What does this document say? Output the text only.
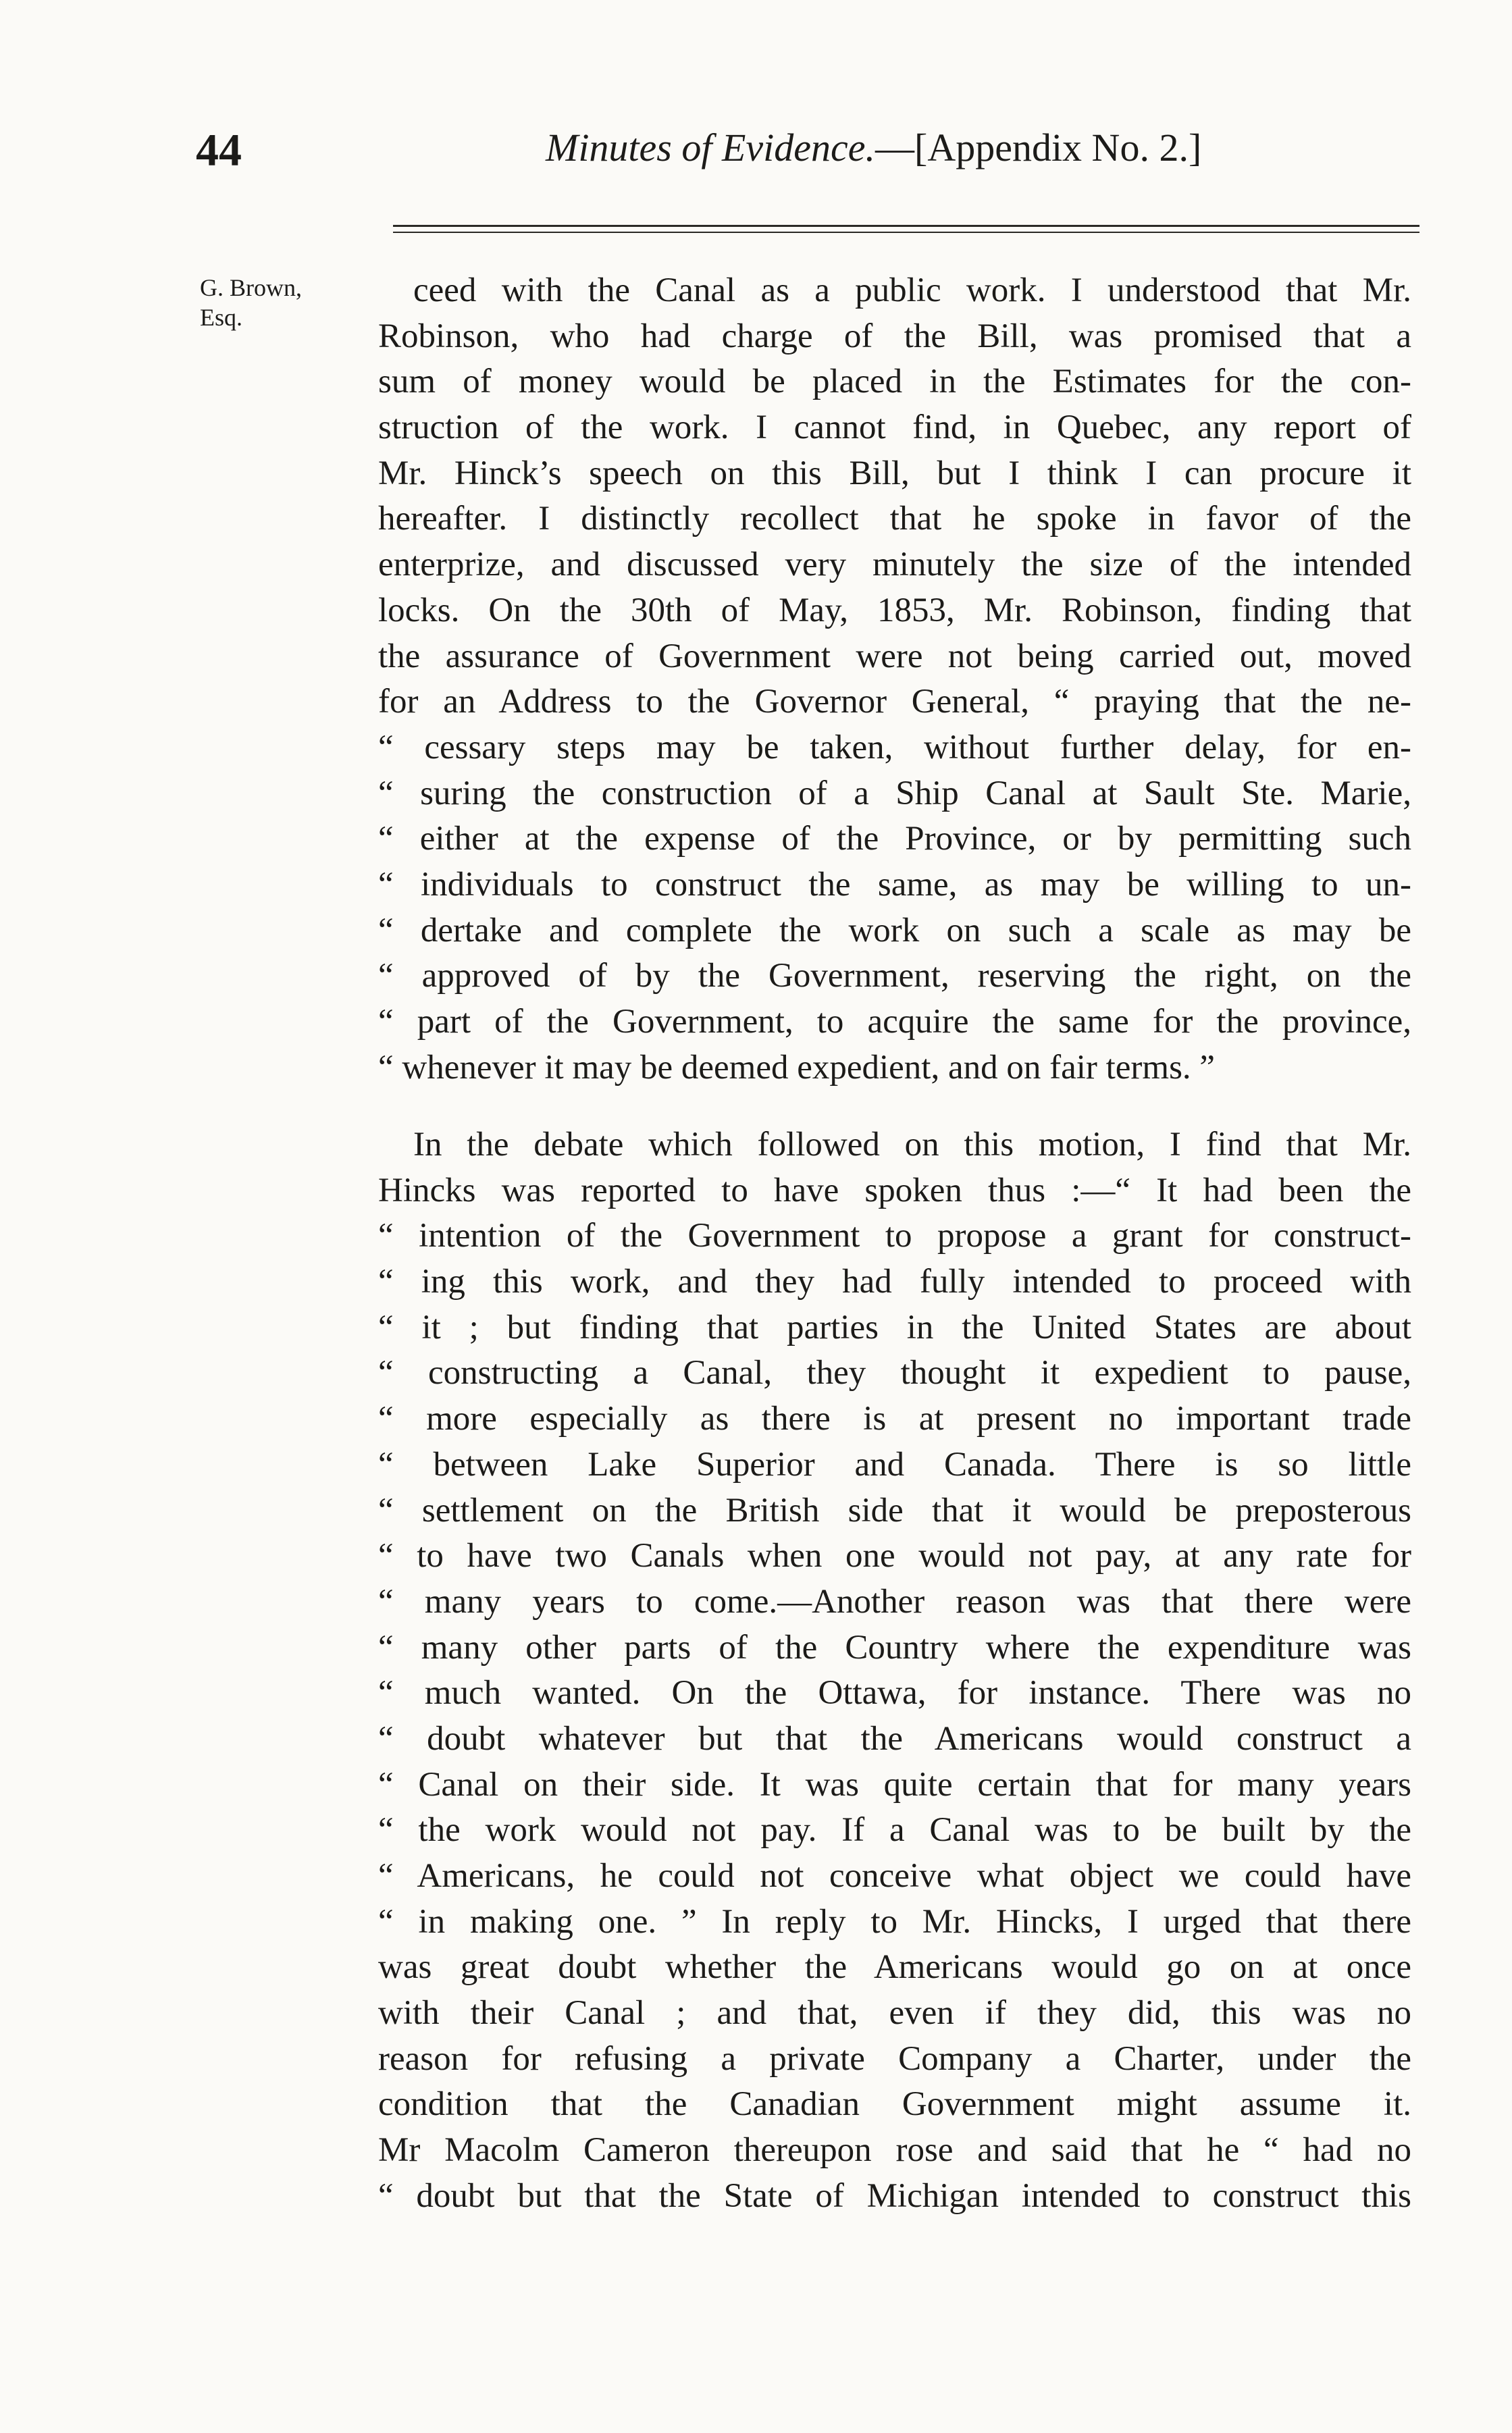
44	Minutes of Evidence.—[Appendix No. 2.]
G. Brown,
Esq.
ceed with the Canal as a public work. I understood that Mr.
Robinson, who had charge of the Bill, was promised that a
sum of money would be placed in the Estimates for the con-
struction of the work. I cannot find, in Quebec, any report of
Mr. Hinck’s speech on this Bill, but I think I can procure it
hereafter. I distinctly recollect that he spoke in favor of the
enterprize, and discussed very minutely the size of the intended
locks. On the 30th of May, 1853, Mr. Robinson, finding that
the assurance of Government were not being carried out, moved
for an Address to the Governor General, “ praying that the ne-
“ cessary steps may be taken, without further delay, for en-
“ suring the construction of a Ship Canal at Sault Ste. Marie,
“ either at the expense of the Province, or by permitting such
“ individuals to construct the same, as may be willing to un-
“ dertake and complete the work on such a scale as may be
“ approved of by the Government, reserving the right, on the
“ part of the Government, to acquire the same for the province,
“ whenever it may be deemed expedient, and on fair terms. ”
In the debate which followed on this motion, I find that Mr.
Hincks was reported to have spoken thus :—“ It had been the
“ intention of the Government to propose a grant for construct-
“ ing this work, and they had fully intended to proceed with
“ it ; but finding that parties in the United States are about
“ constructing a Canal, they thought it expedient to pause,
“ more especially as there is at present no important trade
“ between Lake Superior and Canada. There is so little
“ settlement on the British side that it would be preposterous
“ to have two Canals when one would not pay, at any rate for
“ many years to come.—Another reason was that there were
“ many other parts of the Country where the expenditure was
“ much wanted. On the Ottawa, for instance. There was no
“ doubt whatever but that the Americans would construct a
“ Canal on their side. It was quite certain that for many years
“ the work would not pay. If a Canal was to be built by the
“ Americans, he could not conceive what object we could have
“ in making one. ” In reply to Mr. Hincks, I urged that there
was great doubt whether the Americans would go on at once
with their Canal ; and that, even if they did, this was no
reason for refusing a private Company a Charter, under the
condition that the Canadian Government might assume it.
Mr Macolm Cameron thereupon rose and said that he “ had no
“ doubt but that the State of Michigan intended to construct this
